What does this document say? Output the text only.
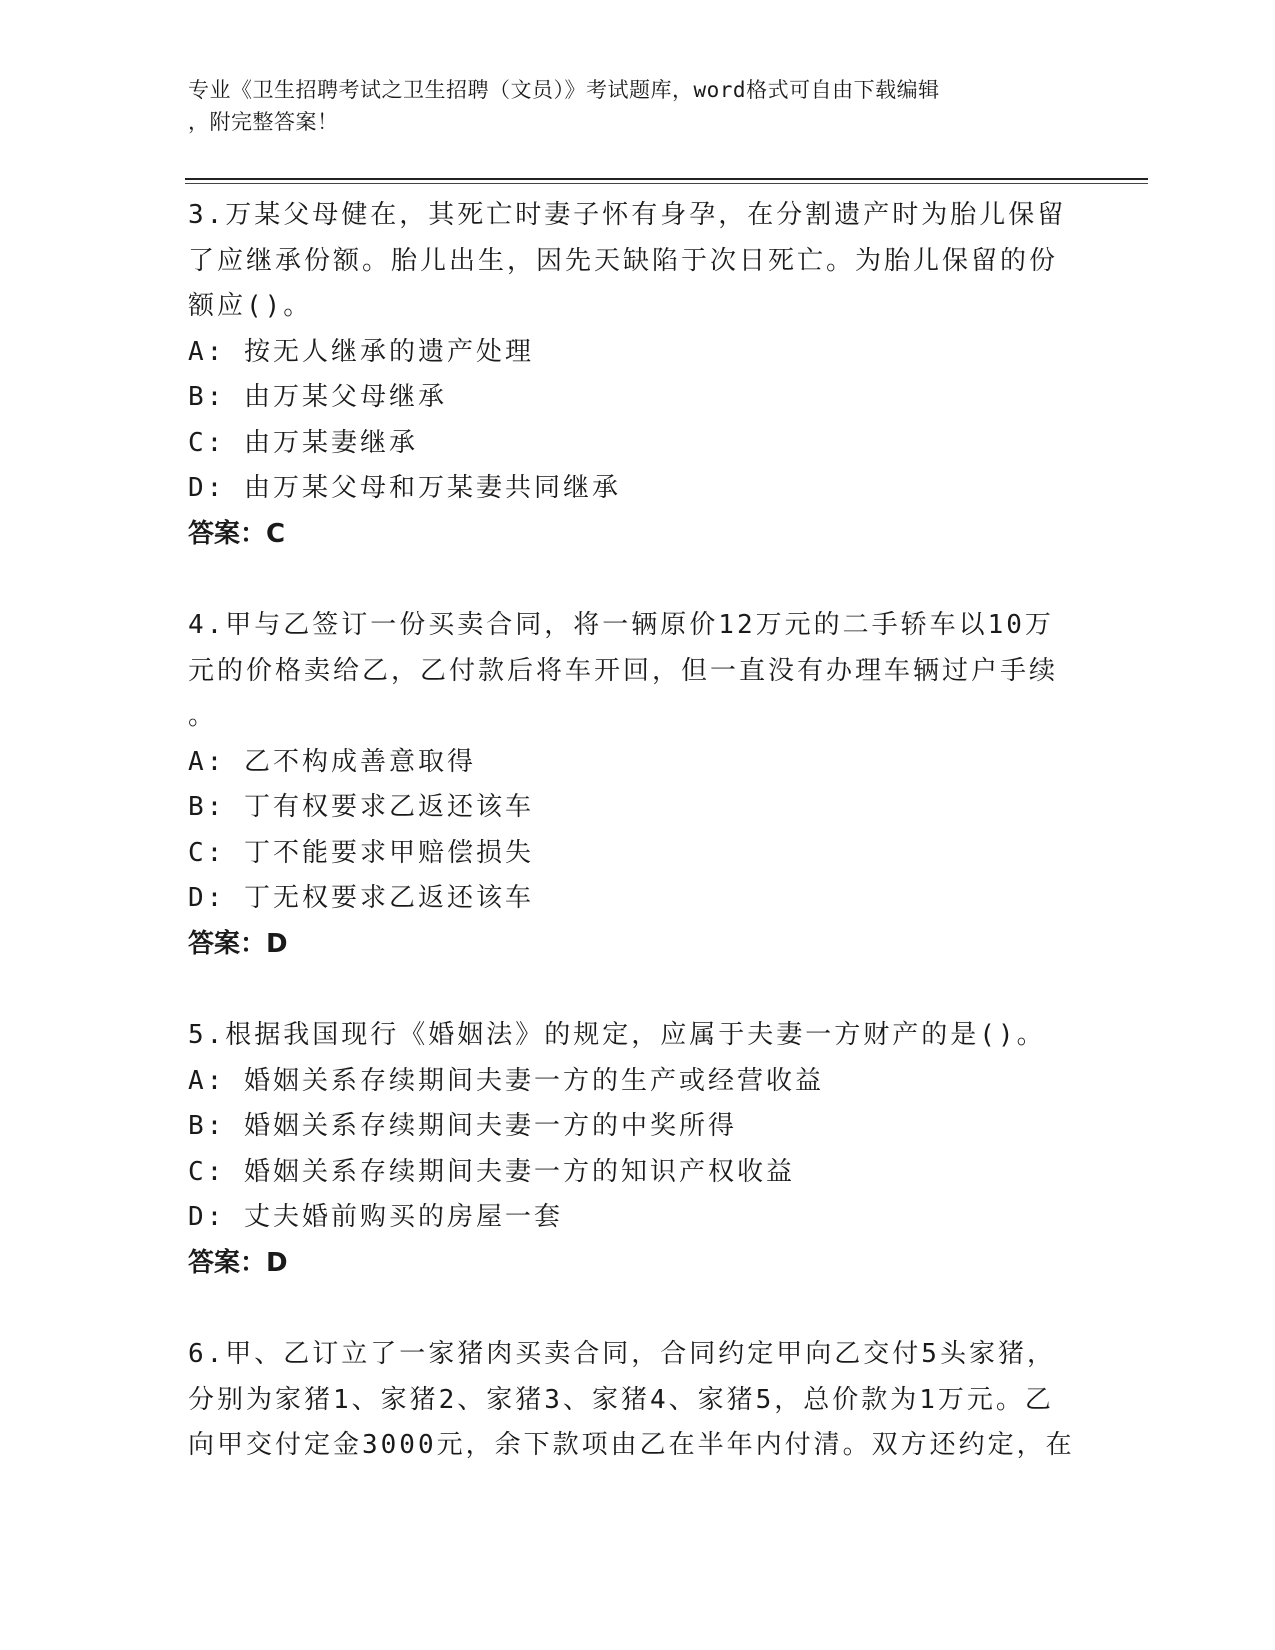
专业《卫生招聘考试之卫生招聘（文员）》考试题库，word格式可自由下载编辑
，附完整答案！
3.万某父母健在，其死亡时妻子怀有身孕，在分割遗产时为胎儿保留
了应继承份额。胎儿出生，因先天缺陷于次日死亡。为胎儿保留的份
额应()。
A: 按无人继承的遗产处理
B: 由万某父母继承
C: 由万某妻继承
D: 由万某父母和万某妻共同继承
答案：C
4.甲与乙签订一份买卖合同，将一辆原价12万元的二手轿车以10万
元的价格卖给乙，乙付款后将车开回，但一直没有办理车辆过户手续
。
A: 乙不构成善意取得
B: 丁有权要求乙返还该车
C: 丁不能要求甲赔偿损失
D: 丁无权要求乙返还该车
答案：D
5.根据我国现行《婚姻法》的规定，应属于夫妻一方财产的是()。
A: 婚姻关系存续期间夫妻一方的生产或经营收益
B: 婚姻关系存续期间夫妻一方的中奖所得
C: 婚姻关系存续期间夫妻一方的知识产权收益
D: 丈夫婚前购买的房屋一套
答案：D
6.甲、乙订立了一家猪肉买卖合同，合同约定甲向乙交付5头家猪，
分别为家猪1、家猪2、家猪3、家猪4、家猪5，总价款为1万元。乙
向甲交付定金3000元，余下款项由乙在半年内付清。双方还约定，在
